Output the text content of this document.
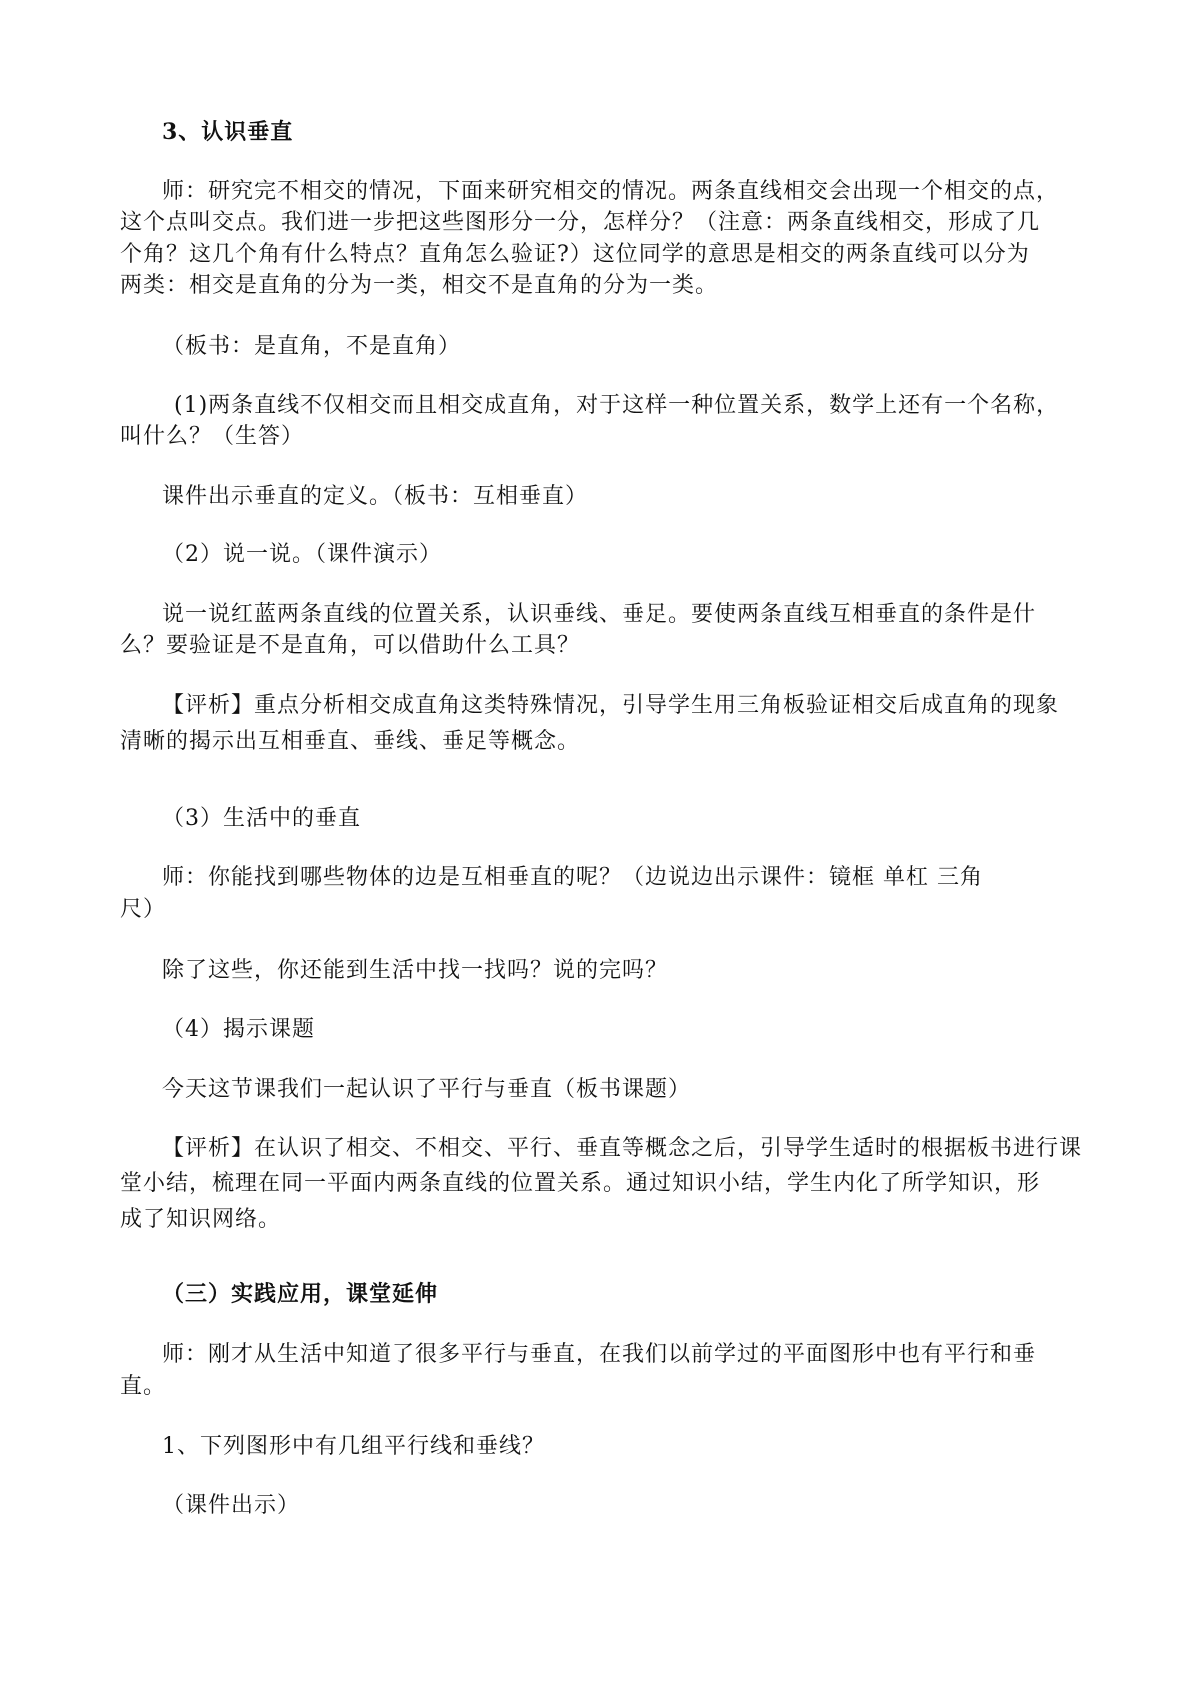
3、认识垂直
师：研究完不相交的情况，下面来研究相交的情况。两条直线相交会出现一个相交的点，
这个点叫交点。我们进一步把这些图形分一分，怎样分？（注意：两条直线相交，形成了几
个角？这几个角有什么特点？直角怎么验证?）这位同学的意思是相交的两条直线可以分为
两类：相交是直角的分为一类，相交不是直角的分为一类。
（板书：是直角，不是直角）
(1)两条直线不仅相交而且相交成直角，对于这样一种位置关系，数学上还有一个名称，
叫什么？（生答）
课件出示垂直的定义。（板书：互相垂直）
（2）说一说。（课件演示）
说一说红蓝两条直线的位置关系，认识垂线、垂足。要使两条直线互相垂直的条件是什
么？要验证是不是直角，可以借助什么工具？
【评析】重点分析相交成直角这类特殊情况，引导学生用三角板验证相交后成直角的现象
清晰的揭示出互相垂直、垂线、垂足等概念。
（3）生活中的垂直
师：你能找到哪些物体的边是互相垂直的呢？（边说边出示课件：镜框 单杠 三角
尺）
除了这些，你还能到生活中找一找吗？说的完吗？
（4）揭示课题
今天这节课我们一起认识了平行与垂直（板书课题）
【评析】在认识了相交、不相交、平行、垂直等概念之后，引导学生适时的根据板书进行课
堂小结，梳理在同一平面内两条直线的位置关系。通过知识小结，学生内化了所学知识，形
成了知识网络。
（三）实践应用，课堂延伸
师：刚才从生活中知道了很多平行与垂直，在我们以前学过的平面图形中也有平行和垂
直。
1、下列图形中有几组平行线和垂线？
（课件出示）
